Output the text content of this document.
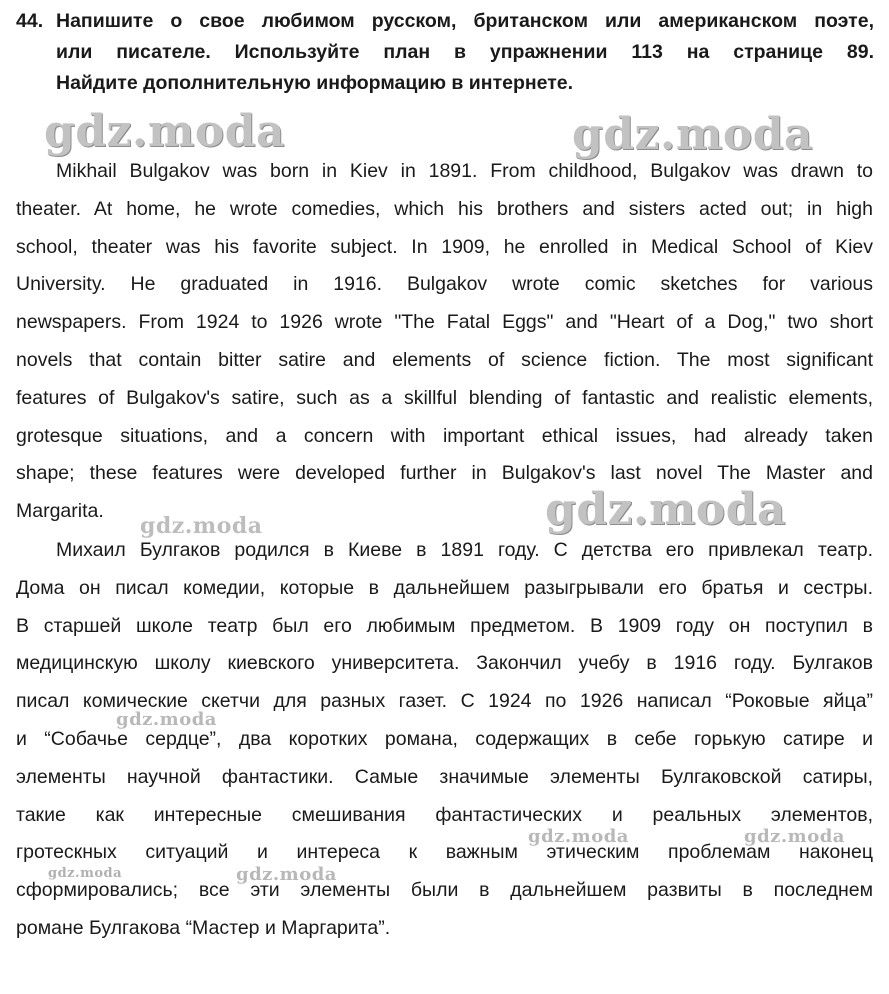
44. Напишите о свое любимом русском, британском или американском поэте,
или писателе. Используйте план в упражнении 113 на странице 89.
Найдите дополнительную информацию в интернете.
Mikhail Bulgakov was born in Kiev in 1891. From childhood, Bulgakov was drawn to
theater. At home, he wrote comedies, which his brothers and sisters acted out; in high
school, theater was his favorite subject. In 1909, he enrolled in Medical School of Kiev
University. He graduated in 1916. Bulgakov wrote comic sketches for various
newspapers. From 1924 to 1926 wrote "The Fatal Eggs" and "Heart of a Dog," two short
novels that contain bitter satire and elements of science fiction. The most significant
features of Bulgakov's satire, such as a skillful blending of fantastic and realistic elements,
grotesque situations, and a concern with important ethical issues, had already taken
shape; these features were developed further in Bulgakov's last novel The Master and
Margarita.
Михаил Булгаков родился в Киеве в 1891 году. С детства его привлекал театр.
Дома он писал комедии, которые в дальнейшем разыгрывали его братья и сестры.
В старшей школе театр был его любимым предметом. В 1909 году он поступил в
медицинскую школу киевского университета. Закончил учебу в 1916 году. Булгаков
писал комические скетчи для разных газет. С 1924 по 1926 написал “Роковые яйца”
и “Собачье сердце”, два коротких романа, содержащих в себе горькую сатире и
элементы научной фантастики. Самые значимые элементы Булгаковской сатиры,
такие как интересные смешивания фантастических и реальных элементов,
гротескных ситуаций и интереса к важным этическим проблемам наконец
сформировались; все эти элементы были в дальнейшем развиты в последнем
романе Булгакова “Мастер и Маргарита”.
gdz.moda	gdz.moda
gdz.moda
gdz.moda
gdz.moda
gdz.moda	gdz.moda
gdz.moda	gdz.moda
